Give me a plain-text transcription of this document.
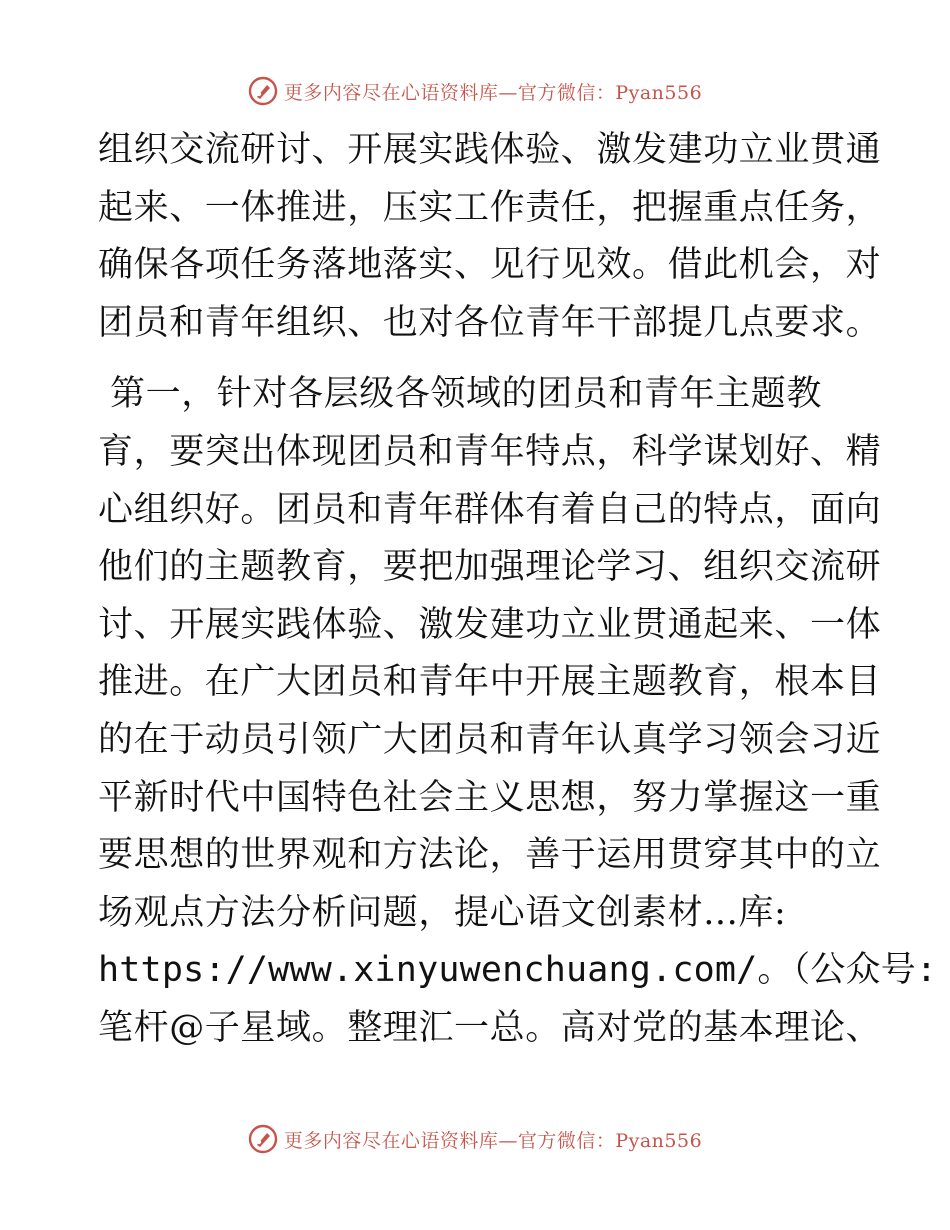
更多内容尽在心语资料库—官方微信：Pyan556
组织交流研讨、开展实践体验、激发建功立业贯通
起来、一体推进，压实工作责任，把握重点任务，
确保各项任务落地落实、见行见效。借此机会，对
团员和青年组织、也对各位青年干部提几点要求。
第一，针对各层级各领域的团员和青年主题教
育，要突出体现团员和青年特点，科学谋划好、精
心组织好。团员和青年群体有着自己的特点，面向
他们的主题教育，要把加强理论学习、组织交流研
讨、开展实践体验、激发建功立业贯通起来、一体
推进。在广大团员和青年中开展主题教育，根本目
的在于动员引领广大团员和青年认真学习领会习近
平新时代中国特色社会主义思想，努力掌握这一重
要思想的世界观和方法论，善于运用贯穿其中的立
场观点方法分析问题，提心语文创素材...库:
https://www.xinyuwenchuang.com/。（公众号:
笔杆@子星域。整理汇一总。高对党的基本理论、
更多内容尽在心语资料库—官方微信：Pyan556
